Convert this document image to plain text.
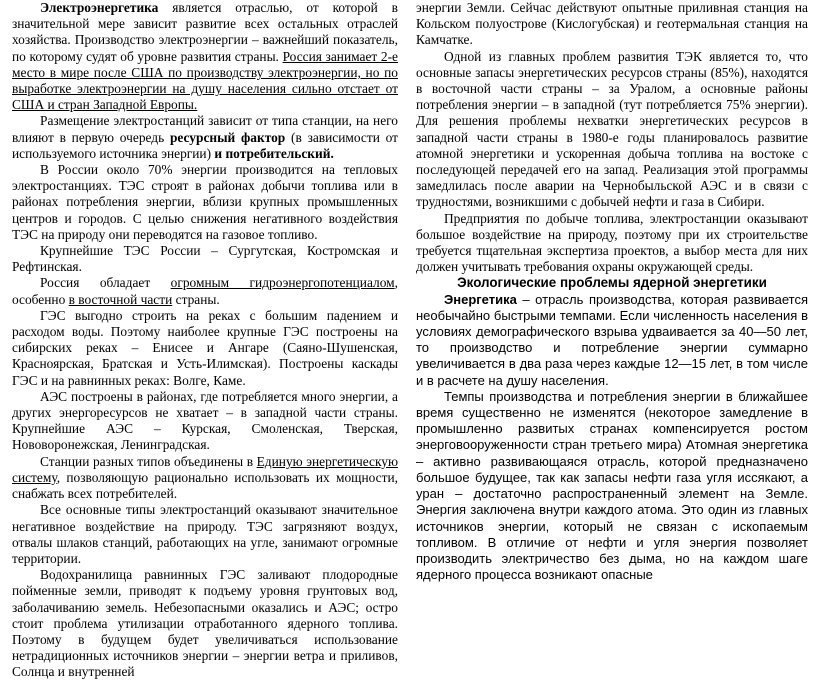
Электроэнергетика является отраслью, от которой в значительной мере зависит развитие всех остальных отраслей хозяйства. Производство электроэнергии – важнейший показатель, по которому судят об уровне развития страны. Россия занимает 2-е место в мире после США по производству электроэнергии, но по выработке электроэнергии на душу населения сильно отстает от США и стран Западной Европы.

Размещение электростанций зависит от типа станции, на него влияют в первую очередь ресурсный фактор (в зависимости от используемого источника энергии) и потребительский.

В России около 70% энергии производится на тепловых электростанциях. ТЭС строят в районах добычи топлива или в районах потребления энергии, вблизи крупных промышленных центров и городов. С целью снижения негативного воздействия ТЭС на природу они переводятся на газовое топливо.

Крупнейшие ТЭС России – Сургутская, Костромская и Рефтинская.

Россия обладает огромным гидроэнергопотенциалом, особенно в восточной части страны.

ГЭС выгодно строить на реках с большим падением и расходом воды. Поэтому наиболее крупные ГЭС построены на сибирских реках – Енисее и Ангаре (Саяно-Шушенская, Красноярская, Братская и Усть-Илимская). Построены каскады ГЭС и на равнинных реках: Волге, Каме.

АЭС построены в районах, где потребляется много энергии, а других энергоресурсов не хватает – в западной части страны. Крупнейшие АЭС – Курская, Смоленская, Тверская, Нововоронежская, Ленинградская.

Станции разных типов объединены в Единую энергетическую систему, позволяющую рационально использовать их мощности, снабжать всех потребителей.

Все основные типы электростанций оказывают значительное негативное воздействие на природу. ТЭС загрязняют воздух, отвалы шлаков станций, работающих на угле, занимают огромные территории.

Водохранилища равнинных ГЭС заливают плодородные пойменные земли, приводят к подъему уровня грунтовых вод, заболачиванию земель. Небезопасными оказались и АЭС; остро стоит проблема утилизации отработанного ядерного топлива. Поэтому в будущем будет увеличиваться использование нетрадиционных источников энергии – энергии ветра и приливов, Солнца и внутренней

энергии Земли. Сейчас действуют опытные приливная станция на Кольском полуострове (Кислогубская) и геотермальная станция на Камчатке.

Одной из главных проблем развития ТЭК является то, что основные запасы энергетических ресурсов страны (85%), находятся в восточной части страны – за Уралом, а основные районы потребления энергии – в западной (тут потребляется 75% энергии). Для решения проблемы нехватки энергетических ресурсов в западной части страны в 1980-е годы планировалось развитие атомной энергетики и ускоренная добыча топлива на востоке с последующей передачей его на запад. Реализация этой программы замедлилась после аварии на Чернобыльской АЭС и в связи с трудностями, возникшими с добычей нефти и газа в Сибири.

Предприятия по добыче топлива, электростанции оказывают большое воздействие на природу, поэтому при их строительстве требуется тщательная экспертиза проектов, а выбор места для них должен учитывать требования охраны окружающей среды.

Экологические проблемы ядерной энергетики

Энергетика – отрасль производства, которая развивается необычайно быстрыми темпами. Если численность населения в условиях демографического взрыва удваивается за 40—50 лет, то производство и потребление энергии суммарно увеличивается в два раза через каждые 12—15 лет, в том числе и в расчете на душу населения.

Темпы производства и потребления энергии в ближайшее время существенно не изменятся (некоторое замедление в промышленно развитых странах компенсируется ростом энерговооруженности стран третьего мира) Атомная энергетика – активно развивающаяся отрасль, которой предназначено большое будущее, так как запасы нефти газа угля иссякают, а уран – достаточно распространенный элемент на Земле. Энергия заключена внутри каждого атома. Это один из главных источников энергии, который не связан с ископаемым топливом. В отличие от нефти и угля энергия позволяет производить электричество без дыма, но на каждом шаге ядерного процесса возникают опасные
